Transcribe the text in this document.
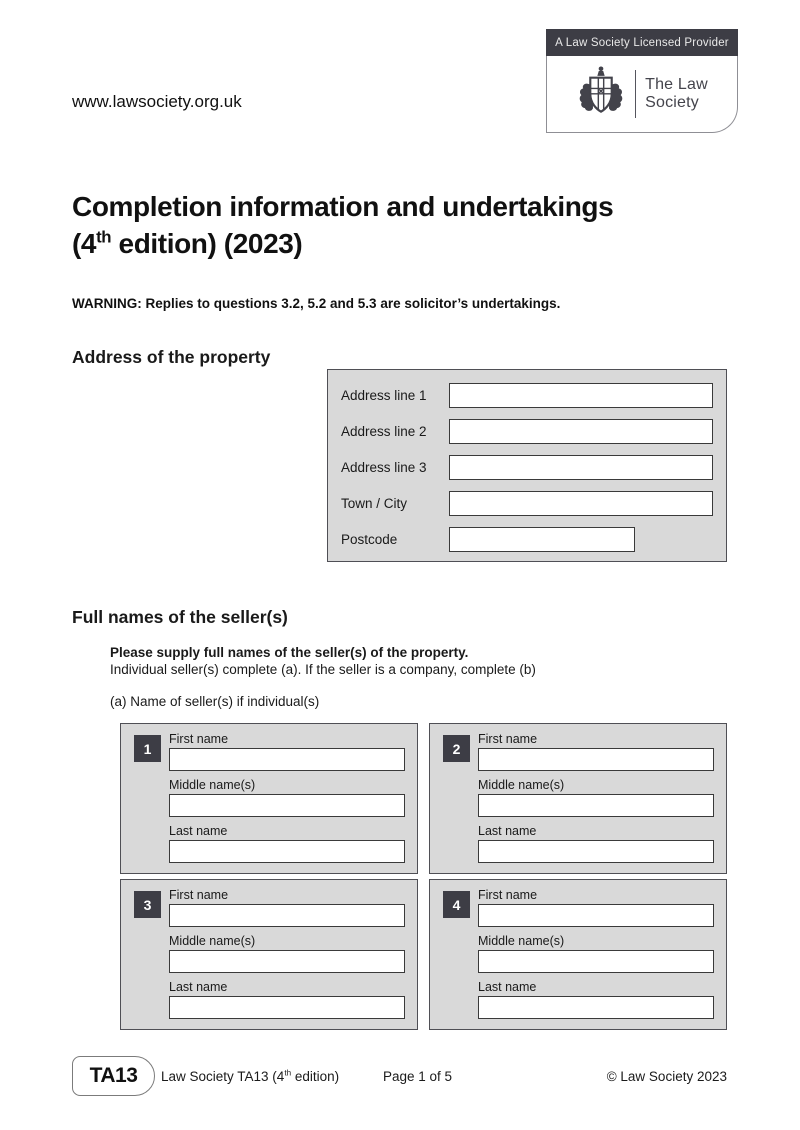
www.lawsociety.org.uk
A Law Society Licensed Provider
The Law
Society
Completion information and undertakings
(4th edition) (2023)
WARNING: Replies to questions 3.2, 5.2 and 5.3 are solicitor’s undertakings.
Address of the property
Address line 1
Address line 2
Address line 3
Town / City
Postcode
Full names of the seller(s)
Please supply full names of the seller(s) of the property.
Individual seller(s) complete (a). If the seller is a company, complete (b)
(a) Name of seller(s) if individual(s)
1
First name
Middle name(s)
Last name
2
First name
Middle name(s)
Last name
3
First name
Middle name(s)
Last name
4
First name
Middle name(s)
Last name
TA13	Law Society TA13 (4th edition)	Page 1 of 5	© Law Society 2023
